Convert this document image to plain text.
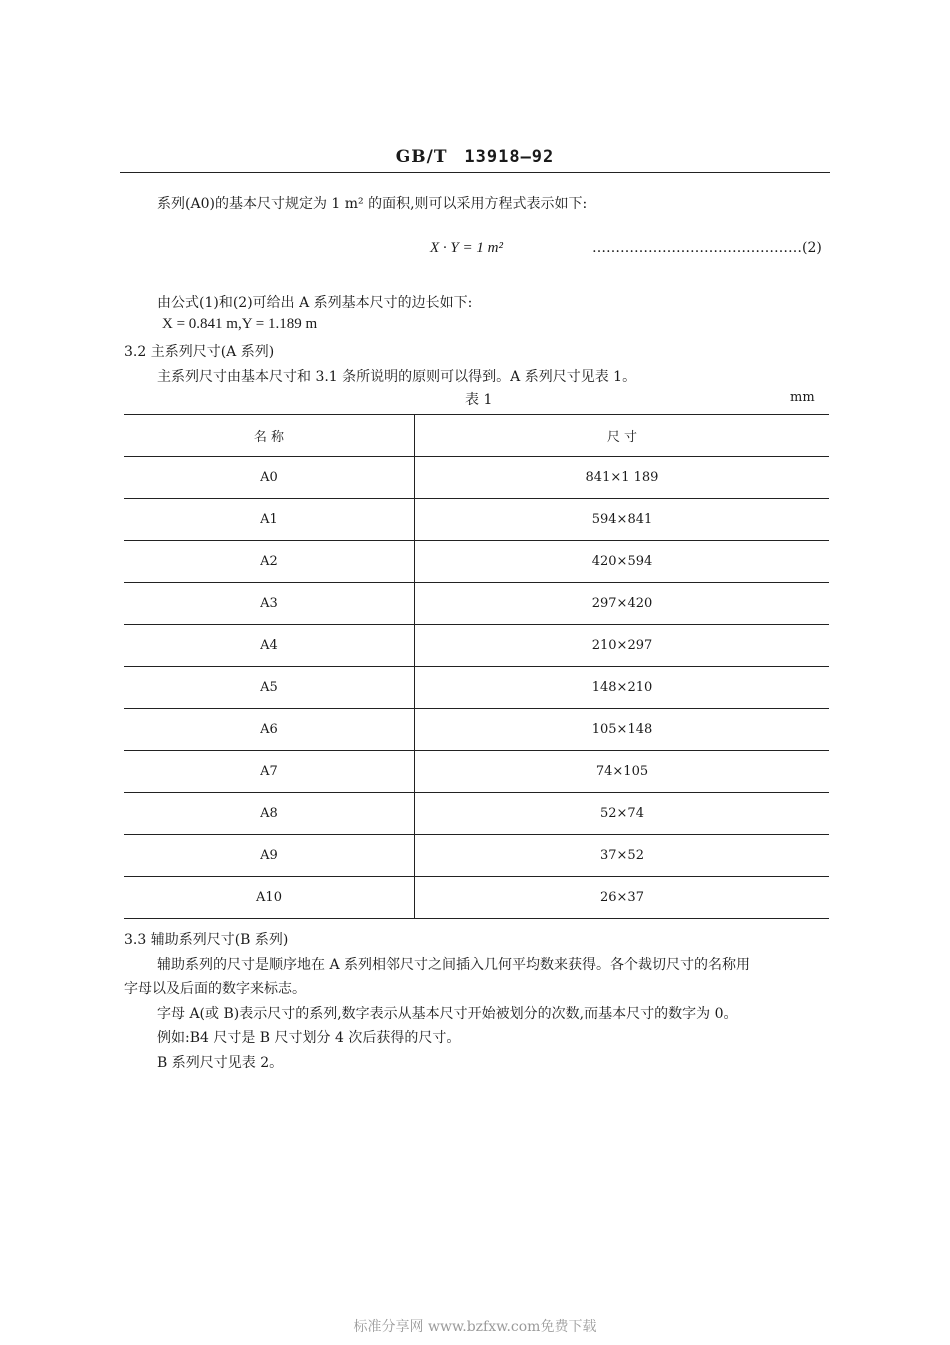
GB/T 13918—92
系列(A0)的基本尺寸规定为 1 m² 的面积,则可以采用方程式表示如下:
X · Y = 1 m²	………………………………………(2)
由公式(1)和(2)可给出 A 系列基本尺寸的边长如下:
X = 0.841 m,Y = 1.189 m
3.2 主系列尺寸(A 系列)
主系列尺寸由基本尺寸和 3.1 条所说明的原则可以得到。A 系列尺寸见表 1。
表 1	mm
名 称	尺 寸
A0	841×1 189
A1	594×841
A2	420×594
A3	297×420
A4	210×297
A5	148×210
A6	105×148
A7	74×105
A8	52×74
A9	37×52
A10	26×37
3.3 辅助系列尺寸(B 系列)
辅助系列的尺寸是顺序地在 A 系列相邻尺寸之间插入几何平均数来获得。各个裁切尺寸的名称用
字母以及后面的数字来标志。
字母 A(或 B)表示尺寸的系列,数字表示从基本尺寸开始被划分的次数,而基本尺寸的数字为 0。
例如:B4 尺寸是 B 尺寸划分 4 次后获得的尺寸。
B 系列尺寸见表 2。
标准分享网 www.bzfxw.com免费下载
